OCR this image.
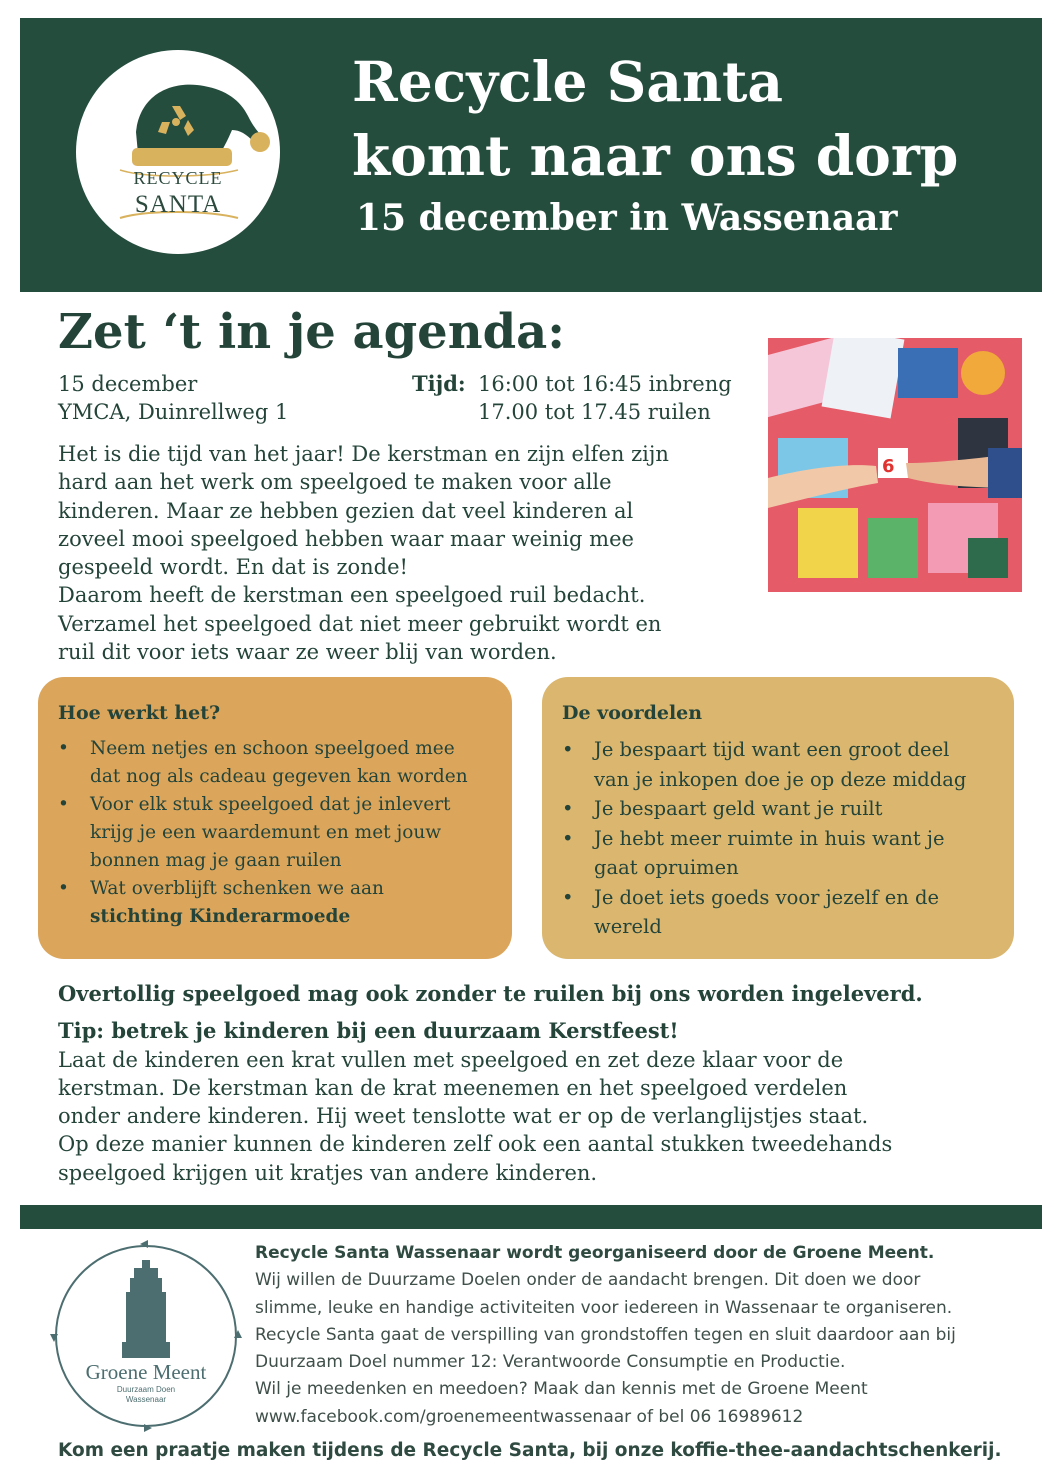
RECYCLE
SANTA
Recycle Santa
komt naar ons dorp
15 december in Wassenaar
Zet ‘t in je agenda:
15 december
YMCA, Duinrellweg 1
Tijd: 16:00 tot 16:45 inbreng
17.00 tot 17.45 ruilen
6
Het is die tijd van het jaar! De kerstman en zijn elfen zijn
hard aan het werk om speelgoed te maken voor alle
kinderen. Maar ze hebben gezien dat veel kinderen al
zoveel mooi speelgoed hebben waar maar weinig mee
gespeeld wordt. En dat is zonde!
Daarom heeft de kerstman een speelgoed ruil bedacht.
Verzamel het speelgoed dat niet meer gebruikt wordt en
ruil dit voor iets waar ze weer blij van worden.
Hoe werkt het?
• Neem netjes en schoon speelgoed mee
dat nog als cadeau gegeven kan worden
• Voor elk stuk speelgoed dat je inlevert
krijg je een waardemunt en met jouw
bonnen mag je gaan ruilen
• Wat overblijft schenken we aan
stichting Kinderarmoede
De voordelen
• Je bespaart tijd want een groot deel
van je inkopen doe je op deze middag
• Je bespaart geld want je ruilt
• Je hebt meer ruimte in huis want je
gaat opruimen
• Je doet iets goeds voor jezelf en de
wereld
Overtollig speelgoed mag ook zonder te ruilen bij ons worden ingeleverd.
Tip: betrek je kinderen bij een duurzaam Kerstfeest!
Laat de kinderen een krat vullen met speelgoed en zet deze klaar voor de
kerstman. De kerstman kan de krat meenemen en het speelgoed verdelen
onder andere kinderen. Hij weet tenslotte wat er op de verlanglijstjes staat.
Op deze manier kunnen de kinderen zelf ook een aantal stukken tweedehands
speelgoed krijgen uit kratjes van andere kinderen.
Groene Meent
Duurzaam Doen
Wassenaar
Recycle Santa Wassenaar wordt georganiseerd door de Groene Meent.
Wij willen de Duurzame Doelen onder de aandacht brengen. Dit doen we door
slimme, leuke en handige activiteiten voor iedereen in Wassenaar te organiseren.
Recycle Santa gaat de verspilling van grondstoffen tegen en sluit daardoor aan bij
Duurzaam Doel nummer 12: Verantwoorde Consumptie en Productie.
Wil je meedenken en meedoen? Maak dan kennis met de Groene Meent
www.facebook.com/groenemeentwassenaar of bel 06 16989612
Kom een praatje maken tijdens de Recycle Santa, bij onze koffie-thee-aandachtschenkerij.
